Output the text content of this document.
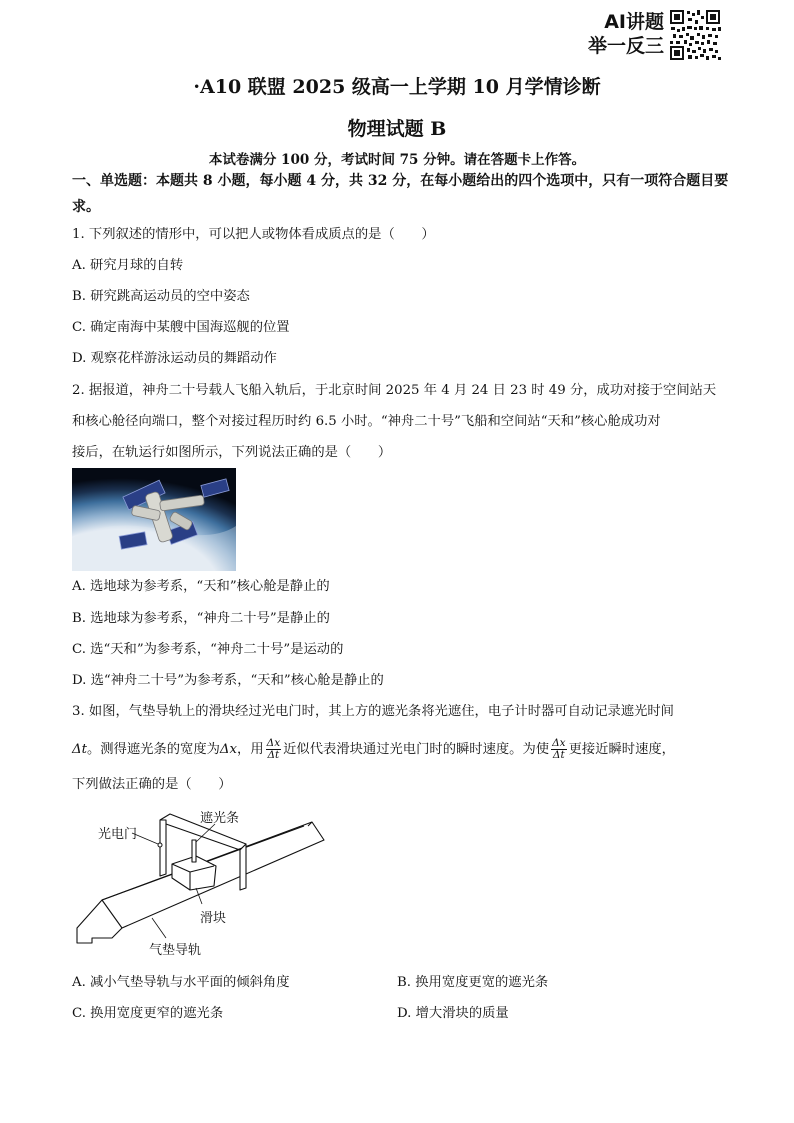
AI讲题
举一反三
·A10 联盟 2025 级高一上学期 10 月学情诊断
物理试题 B
本试卷满分 100 分，考试时间 75 分钟。请在答题卡上作答。
一、单选题：本题共 8 小题，每小题 4 分，共 32 分，在每小题给出的四个选项中，只有一项符合题目要求。
1. 下列叙述的情形中，可以把人或物体看成质点的是（　　）
A. 研究月球的自转
B. 研究跳高运动员的空中姿态
C. 确定南海中某艘中国海巡舰的位置
D. 观察花样游泳运动员的舞蹈动作
2. 据报道，神舟二十号载人飞船入轨后，于北京时间 2025 年 4 月 24 日 23 时 49 分，成功对接于空间站天
和核心舱径向端口，整个对接过程历时约 6.5 小时。“神舟二十号”飞船和空间站“天和”核心舱成功对
接后，在轨运行如图所示，下列说法正确的是（　　）
A. 选地球为参考系，“天和”核心舱是静止的
B. 选地球为参考系，“神舟二十号”是静止的
C. 选“天和”为参考系，“神舟二十号”是运动的
D. 选“神舟二十号”为参考系，“天和”核心舱是静止的
3. 如图，气垫导轨上的滑块经过光电门时，其上方的遮光条将光遮住，电子计时器可自动记录遮光时间
Δt。测得遮光条的宽度为Δx，用 $\frac{\Delta x}{\Delta t}$ 近似代表滑块通过光电门时的瞬时速度。为使 $\frac{\Delta x}{\Delta t}$ 更接近瞬时速度，
下列做法正确的是（　　）
光电门
遮光条
滑块
气垫导轨
A. 减小气垫导轨与水平面的倾斜角度	B. 换用宽度更宽的遮光条
C. 换用宽度更窄的遮光条	D. 增大滑块的质量
